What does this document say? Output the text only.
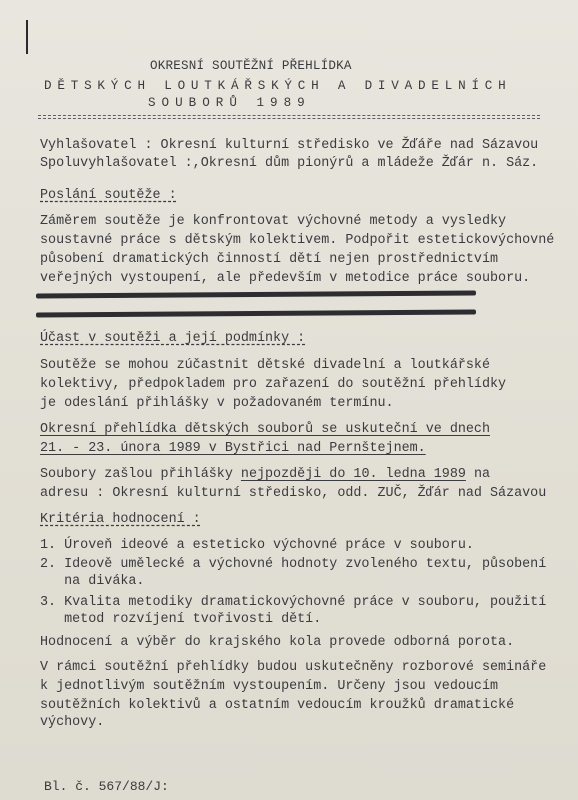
OKRESNÍ SOUTĚŽNÍ PŘEHLÍDKA
DĚTSKÝCH LOUTKÁŘSKÝCH A DIVADELNÍCH
SOUBORŮ 1989
Vyhlašovatel : Okresní kulturní středisko ve Žďáře nad Sázavou
Spoluvyhlašovatel :,Okresní dům pionýrů a mládeže Žďár n. Sáz.
Poslání soutěže :
Záměrem soutěže je konfrontovat výchovné metody a vysledky
soustavné práce s dětským kolektivem. Podpořit estetickovýchovné
působení dramatických činností dětí nejen prostřednictvím
veřejných vystoupení, ale především v metodice práce souboru.
Účast v soutěži a její podmínky :
Soutěže se mohou zúčastnit dětské divadelní a loutkářské
kolektivy, předpokladem pro zařazení do soutěžní přehlídky
je odeslání přihlášky v požadovaném termínu.
Okresní přehlídka dětských souborů se uskuteční ve dnech
21. - 23. února 1989 v Bystřici nad Pernštejnem.
Soubory zašlou přihlášky nejpozději do 10. ledna 1989 na
adresu : Okresní kulturní středisko, odd. ZUČ, Žďár nad Sázavou
Kritéria hodnocení :
1. Úroveň ideové a esteticko výchovné práce v souboru.
2. Ideově umělecké a výchovné hodnoty zvoleného textu, působení
na diváka.
3. Kvalita metodiky dramatickovýchovné práce v souboru, použití
metod rozvíjení tvořivosti dětí.
Hodnocení a výběr do krajského kola provede odborná porota.
V rámci soutěžní přehlídky budou uskutečněny rozborové semináře
k jednotlivým soutěžním vystoupením. Určeny jsou vedoucím
soutěžních kolektivů a ostatním vedoucím kroužků dramatické
výchovy.
Bl. č. 567/88/J:
